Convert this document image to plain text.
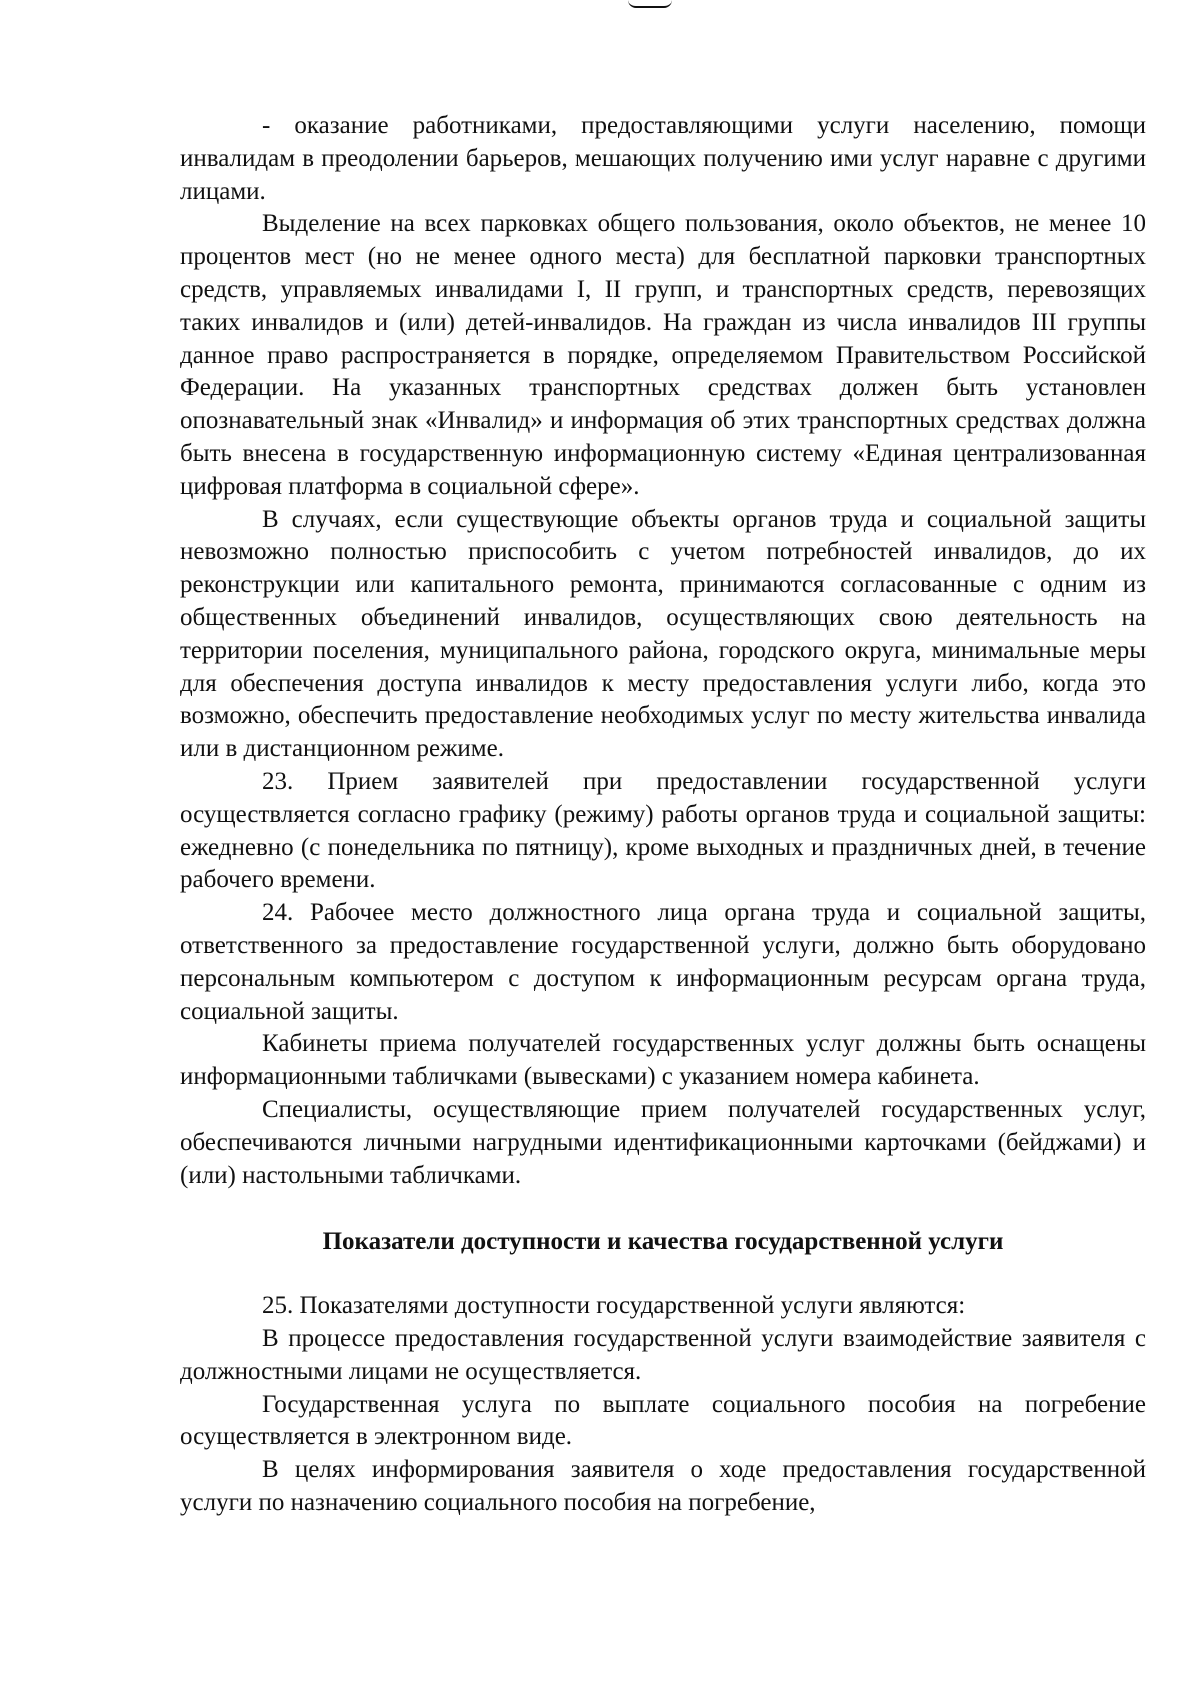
- оказание работниками, предоставляющими услуги населению, помощи инвалидам в преодолении барьеров, мешающих получению ими услуг наравне с другими лицами.

Выделение на всех парковках общего пользования, около объектов, не менее 10 процентов мест (но не менее одного места) для бесплатной парковки транспортных средств, управляемых инвалидами I, II групп, и транспортных средств, перевозящих таких инвалидов и (или) детей-инвалидов. На граждан из числа инвалидов III группы данное право распространяется в порядке, определяемом Правительством Российской Федерации. На указанных транспортных средствах должен быть установлен опознавательный знак «Инвалид» и информация об этих транспортных средствах должна быть внесена в государственную информационную систему «Единая централизованная цифровая платформа в социальной сфере».

В случаях, если существующие объекты органов труда и социальной защиты невозможно полностью приспособить с учетом потребностей инвалидов, до их реконструкции или капитального ремонта, принимаются согласованные с одним из общественных объединений инвалидов, осуществляющих свою деятельность на территории поселения, муниципального района, городского округа, минимальные меры для обеспечения доступа инвалидов к месту предоставления услуги либо, когда это возможно, обеспечить предоставление необходимых услуг по месту жительства инвалида или в дистанционном режиме.

23. Прием заявителей при предоставлении государственной услуги осуществляется согласно графику (режиму) работы органов труда и социальной защиты: ежедневно (с понедельника по пятницу), кроме выходных и праздничных дней, в течение рабочего времени.

24. Рабочее место должностного лица органа труда и социальной защиты, ответственного за предоставление государственной услуги, должно быть оборудовано персональным компьютером с доступом к информационным ресурсам органа труда, социальной защиты.

Кабинеты приема получателей государственных услуг должны быть оснащены информационными табличками (вывесками) с указанием номера кабинета.

Специалисты, осуществляющие прием получателей государственных услуг, обеспечиваются личными нагрудными идентификационными карточками (бейджами) и (или) настольными табличками.

Показатели доступности и качества государственной услуги

25. Показателями доступности государственной услуги являются:

В процессе предоставления государственной услуги взаимодействие заявителя с должностными лицами не осуществляется.

Государственная услуга по выплате социального пособия на погребение осуществляется в электронном виде.

В целях информирования заявителя о ходе предоставления государственной услуги по назначению социального пособия на погребение,
